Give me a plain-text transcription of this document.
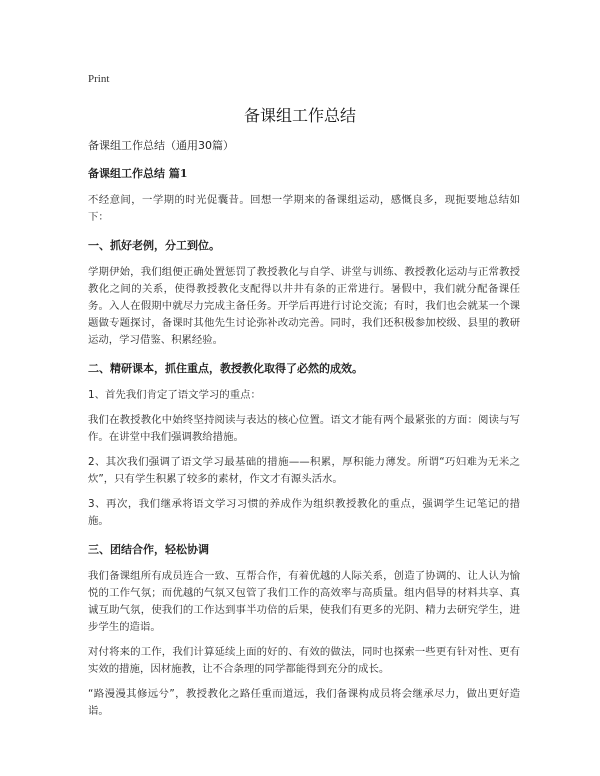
Print

备课组工作总结

备课组工作总结（通用30篇）

备课组工作总结 篇1

不经意间，一学期的时光促囊昔。回想一学期来的备课组运动，感慨良多，现扼要地总结如下：

一、抓好老例，分工到位。

学期伊始，我们组便正确处置惩罚了教授教化与自学、讲堂与训练、教授教化运动与正常教授教化之间的关系，使得教授教化支配得以井井有条的正常进行。暑假中，我们就分配备课任务。入人在假期中就尽力完成主备任务。开学后再进行讨论交流；有时，我们也会就某一个课题做专题探讨，备课时其他先生讨论弥补改动完善。同时，我们还积极参加校级、县里的教研运动，学习借鉴、积累经验。

二、精研课本，抓住重点，教授教化取得了必然的成效。

1、首先我们肯定了语文学习的重点：

我们在教授教化中始终坚持阅读与表达的核心位置。语文才能有两个最紧张的方面：阅读与写作。在讲堂中我们强调教给措施。

2、其次我们强调了语文学习最基础的措施——积累，厚积能力薄发。所谓“巧妇难为无米之炊”，只有学生积累了较多的素材，作文才有源头活水。

3、再次，我们继承将语文学习习惯的养成作为组织教授教化的重点，强调学生记笔记的措施。

三、团结合作，轻松协调

我们备课组所有成员连合一致、互帮合作，有着优越的人际关系，创造了协调的、让人认为愉悦的工作气氛；而优越的气氛又包管了我们工作的高效率与高质量。组内倡导的材料共享、真诚互助气氛，使我们的工作达到事半功倍的后果，使我们有更多的光阴、精力去研究学生，进步学生的造诣。

对付将来的工作，我们计算延续上面的好的、有效的做法，同时也探索一些更有针对性、更有实效的措施，因材施教，让不合条理的同学都能得到充分的成长。

“路漫漫其修远兮”，教授教化之路任重而道远，我们备课构成员将会继承尽力，做出更好造诣。
